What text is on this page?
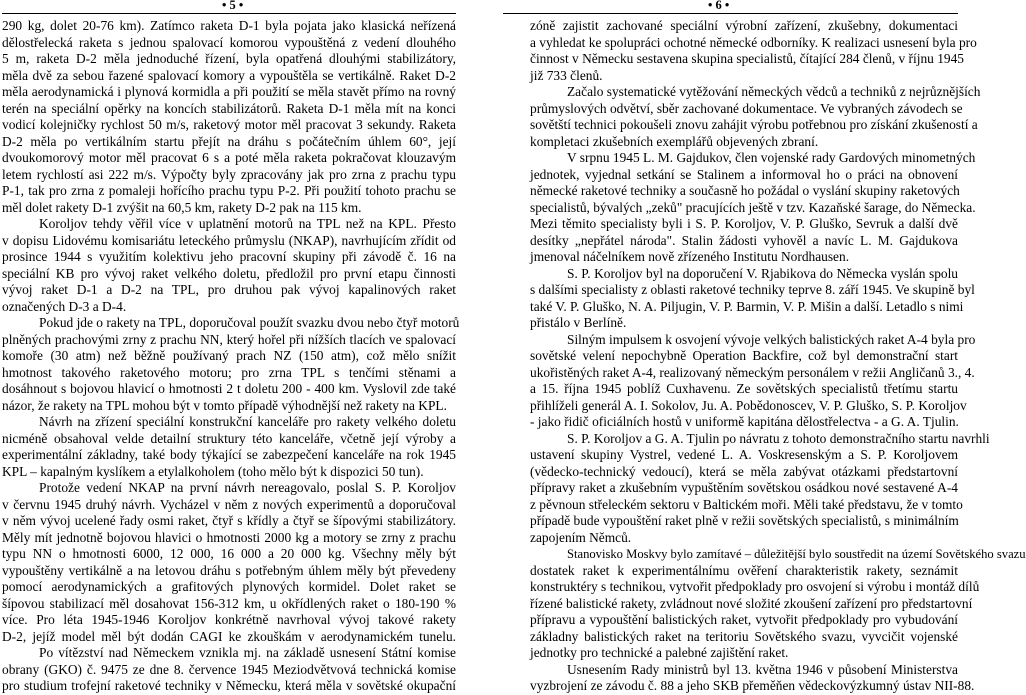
• 5 •	• 6 •
290 kg, dolet 20-76 km). Zatímco raketa D-1 byla pojata jako klasická neřízená
dělostřelecká raketa s jednou spalovací komorou vypouštěná z vedení dlouhého
5 m, raketa D-2 měla jednoduché řízení, byla opatřená dlouhými stabilizátory,
měla dvě za sebou řazené spalovací komory a vypouštěla se vertikálně. Raket D-2
měla aerodynamická i plynová kormidla a při použití se měla stavět přímo na rovný
terén na speciální opěrky na koncích stabilizátorů. Raketa D-1 měla mít na konci
vodicí kolejničky rychlost 50 m/s, raketový motor měl pracovat 3 sekundy. Raketa
D-2 měla po vertikálním startu přejít na dráhu s počátečním úhlem 60°, její
dvoukomorový motor měl pracovat 6 s a poté měla raketa pokračovat klouzavým
letem rychlostí asi 222 m/s. Výpočty byly zpracovány jak pro zrna z prachu typu
P-1, tak pro zrna z pomaleji hořícího prachu typu P-2. Při použití tohoto prachu se
měl dolet rakety D-1 zvýšit na 60,5 km, rakety D-2 pak na 115 km.
Koroljov tehdy věřil více v uplatnění motorů na TPL než na KPL. Přesto
v dopisu Lidovému komisariátu leteckého průmyslu (NKAP), navrhujícím zřídit od
prosince 1944 s využitím kolektivu jeho pracovní skupiny při závodě č. 16 na
speciální KB pro vývoj raket velkého doletu, předložil pro první etapu činnosti
vývoj raket D-1 a D-2 na TPL, pro druhou pak vývoj kapalinových raket
označených D-3 a D-4.
Pokud jde o rakety na TPL, doporučoval použít svazku dvou nebo čtyř motorů
plněných prachovými zrny z prachu NN, který hořel při nížších tlacích ve spalovací
komoře (30 atm) než běžně používaný prach NZ (150 atm), což mělo snížit
hmotnost takového raketového motoru; pro zrna TPL s tenčími stěnami a
dosáhnout s bojovou hlavicí o hmotnosti 2 t doletu 200 - 400 km. Vyslovil zde také
názor, že rakety na TPL mohou být v tomto případě výhodnější než rakety na KPL.
Návrh na zřízení speciální konstrukční kanceláře pro rakety velkého doletu
nicméně obsahoval velde detailní struktury této kanceláře, včetně její výroby a
experimentální základny, také body týkající se zabezpečení kanceláře na rok 1945
KPL – kapalným kyslíkem a etylalkoholem (toho mělo být k dispozici 50 tun).
Protože vedení NKAP na první návrh nereagovalo, poslal S. P. Koroljov
v červnu 1945 druhý návrh. Vycházel v něm z nových experimentů a doporučoval
v něm vývoj ucelené řady osmi raket, čtyř s křídly a čtyř se šípovými stabilizátory.
Měly mít jednotně bojovou hlavici o hmotnosti 2000 kg a motory se zrny z prachu
typu NN o hmotnosti 6000, 12 000, 16 000 a 20 000 kg. Všechny měly být
vypouštěny vertikálně a na letovou dráhu s potřebným úhlem měly být převedeny
pomocí aerodynamických a grafitových plynových kormidel. Dolet raket se
šípovou stabilizací měl dosahovat 156-312 km, u okřídlených raket o 180-190 %
více. Pro léta 1945-1946 Koroljov konkrétně navrhoval vývoj takové rakety
D-2, jejíž model měl být dodán CAGI ke zkouškám v aerodynamickém tunelu.
Po vítězství nad Německem vznikla mj. na základě usnesení Státní komise
obrany (GKO) č. 9475 ze dne 8. července 1945 Meziodvětvová technická komise
pro studium trofejní raketové techniky v Německu, která měla v sovětské okupační
zóně zajistit zachované speciální výrobní zařízení, zkušebny, dokumentaci
a vyhledat ke spolupráci ochotné německé odborníky. K realizaci usnesení byla pro
činnost v Německu sestavena skupina specialistů, čítající 284 členů, v říjnu 1945
již 733 členů.
Začalo systematické vytěžování německých vědců a techniků z nejrůznějších
průmyslových odvětví, sběr zachované dokumentace. Ve vybraných závodech se
sovětští technici pokoušeli znovu zahájit výrobu potřebnou pro získání zkušeností a
kompletaci zkušebních exemplářů objevených zbraní.
V srpnu 1945 L. M. Gajdukov, člen vojenské rady Gardových minometných
jednotek, vyjednal setkání se Stalinem a informoval ho o práci na obnovení
německé raketové techniky a současně ho požádal o vyslání skupiny raketových
specialistů, bývalých „zeků" pracujících ještě v tzv. Kazaňské šarage, do Německa.
Mezi těmito specialisty byli i S. P. Koroljov, V. P. Gluško, Sevruk a další dvě
desítky „nepřátel národa". Stalin žádosti vyhověl a navíc L. M. Gajdukova
jmenoval náčelníkem nově zřízeného Institutu Nordhausen.
S. P. Koroljov byl na doporučení V. Rjabikova do Německa vyslán spolu
s dalšími specialisty z oblasti raketové techniky teprve 8. září 1945. Ve skupině byl
také V. P. Gluško, N. A. Piljugin, V. P. Barmin, V. P. Mišin a další. Letadlo s nimi
přistálo v Berlíně.
Silným impulsem k osvojení vývoje velkých balistických raket A-4 byla pro
sovětské velení nepochybně Operation Backfire, což byl demonstrační start
ukořistěných raket A-4, realizovaný německým personálem v režii Angličanů 3., 4.
a 15. října 1945 poblíž Cuxhavenu. Ze sovětských specialistů třetímu startu
přihlíželi generál A. I. Sokolov, Ju. A. Pobědonoscev, V. P. Gluško, S. P. Koroljov
- jako řidič oficiálních hostů v uniformě kapitána dělostřelectva - a G. A. Tjulin.
S. P. Koroljov a G. A. Tjulin po návratu z tohoto demonstračního startu navrhli
ustavení skupiny Vystrel, vedené L. A. Voskresenským a S. P. Koroljovem
(vědecko-technický vedoucí), která se měla zabývat otázkami předstartovní
přípravy raket a zkušebním vypuštěním sovětskou osádkou nové sestavené A-4
z pěvnoun střeleckém sektoru v Baltickém moři. Měli také představu, že v tomto
případě bude vypouštění raket plně v režii sovětských specialistů, s minimálním
zapojením Němců.
Stanovisko Moskvy bylo zamítavé – důležitější bylo soustředit na území Sovětského svazu
dostatek raket k experimentálnímu ověření charakteristik rakety, seznámit
konstruktéry s technikou, vytvořit předpoklady pro osvojení si výrobu i montáž dílů
řízené balistické rakety, zvládnout nové složité zkoušení zařízení pro předstartovní
přípravu a vypouštění balistických raket, vytvořit předpoklady pro vybudování
základny balistických raket na teritoriu Sovětského svazu, vyvcičit vojenské
jednotky pro technické a palebné zajištění raket.
Usnesením Rady ministrů byl 13. května 1946 v působení Ministerstva
vyzbrojení ze závodu č. 88 a jeho SKB přeměňen vědeckovýzkumný ústav NII-88.
